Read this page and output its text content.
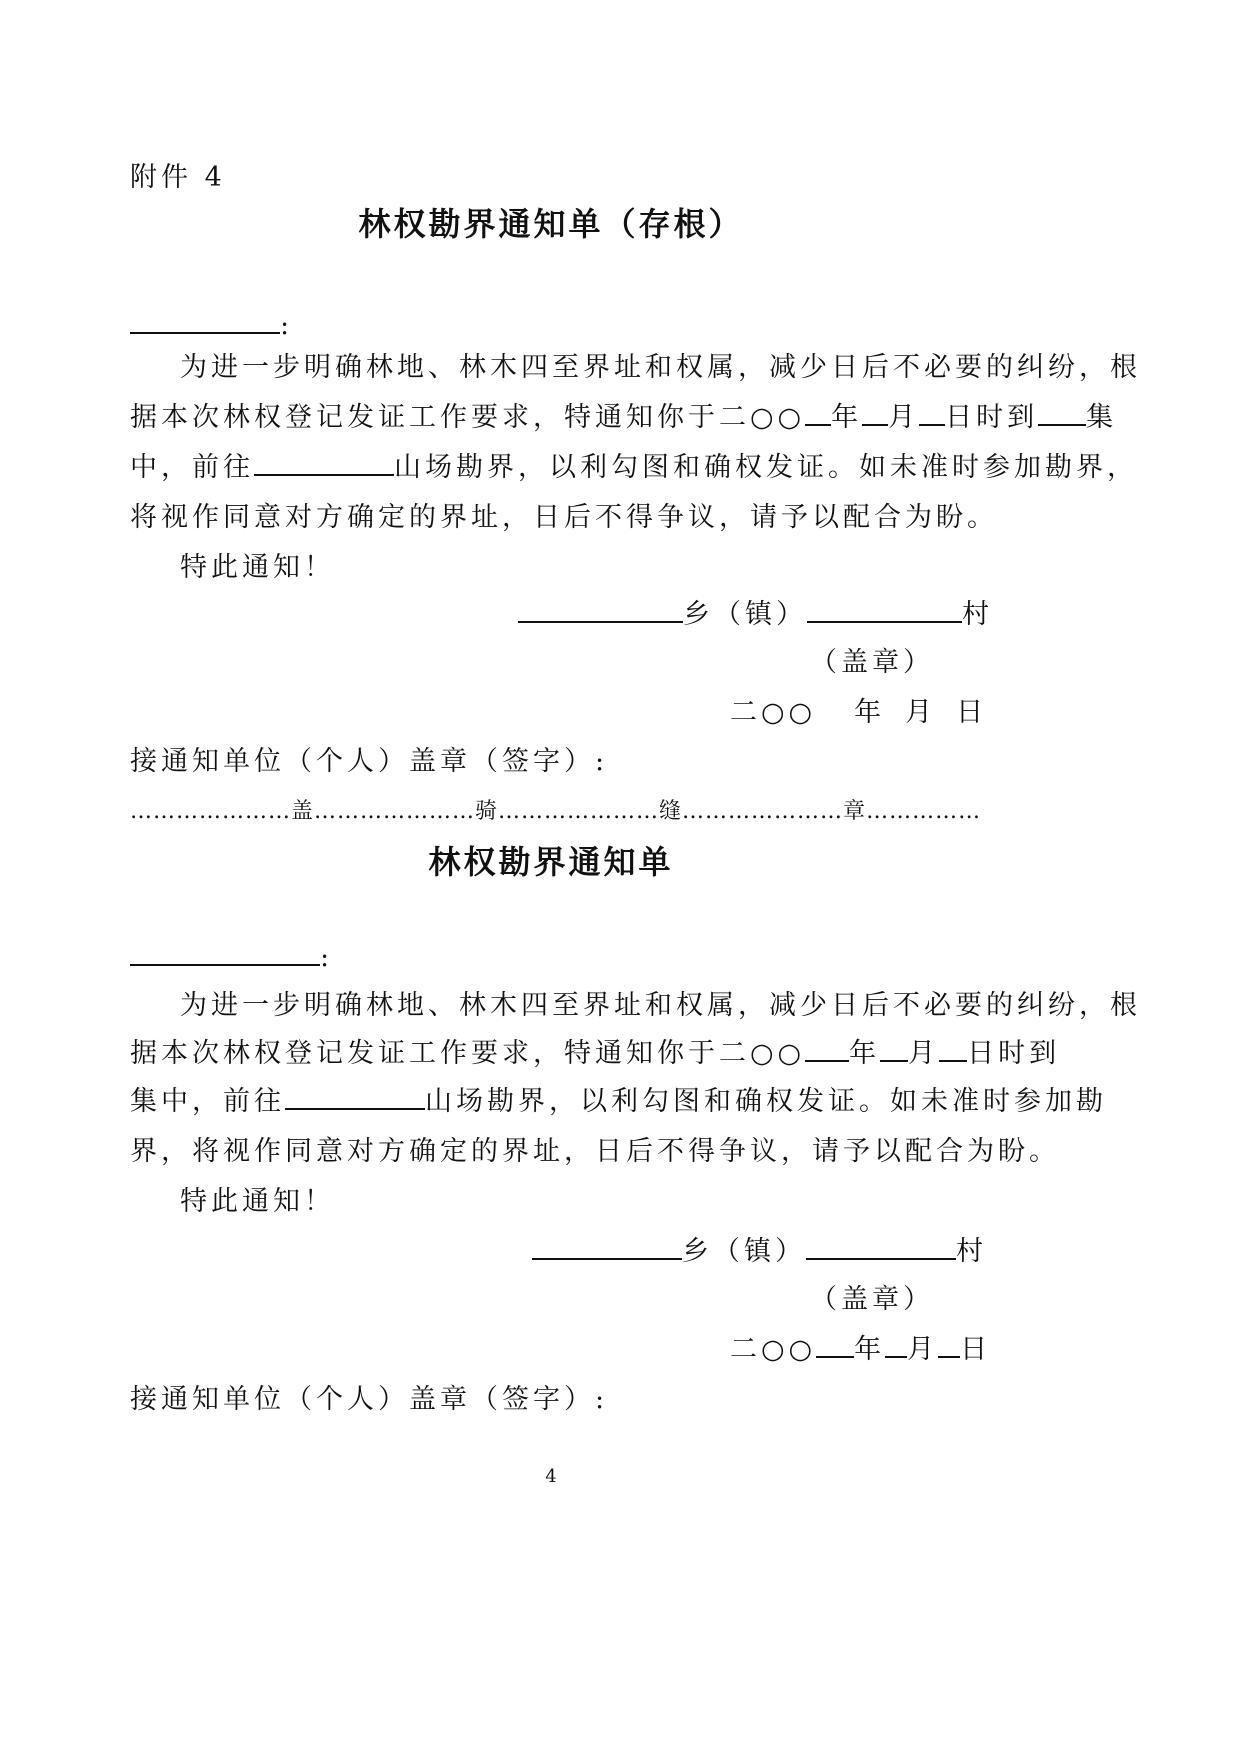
附件 4
林权勘界通知单（存根）
:
为进一步明确林地、林木四至界址和权属，减少日后不必要的纠纷，根
据本次林权登记发证工作要求，特通知你于二○○ 年 月 日时到 集
中，前往	山场勘界，以利勾图和确权发证。如未准时参加勘界，
将视作同意对方确定的界址，日后不得争议，请予以配合为盼。
特此通知！
乡（镇）	村
（盖章）
二○○ 年 月 日
接通知单位（个人）盖章（签字）:
…………………盖…………………骑…………………缝…………………章……………
林权勘界通知单
:
为进一步明确林地、林木四至界址和权属，减少日后不必要的纠纷，根
据本次林权登记发证工作要求，特通知你于二○○ 年 月 日时到
集中，前往	山场勘界，以利勾图和确权发证。如未准时参加勘
界，将视作同意对方确定的界址，日后不得争议，请予以配合为盼。
特此通知！
乡（镇）	村
（盖章）
二○○ 年 月 日
接通知单位（个人）盖章（签字）:
4
